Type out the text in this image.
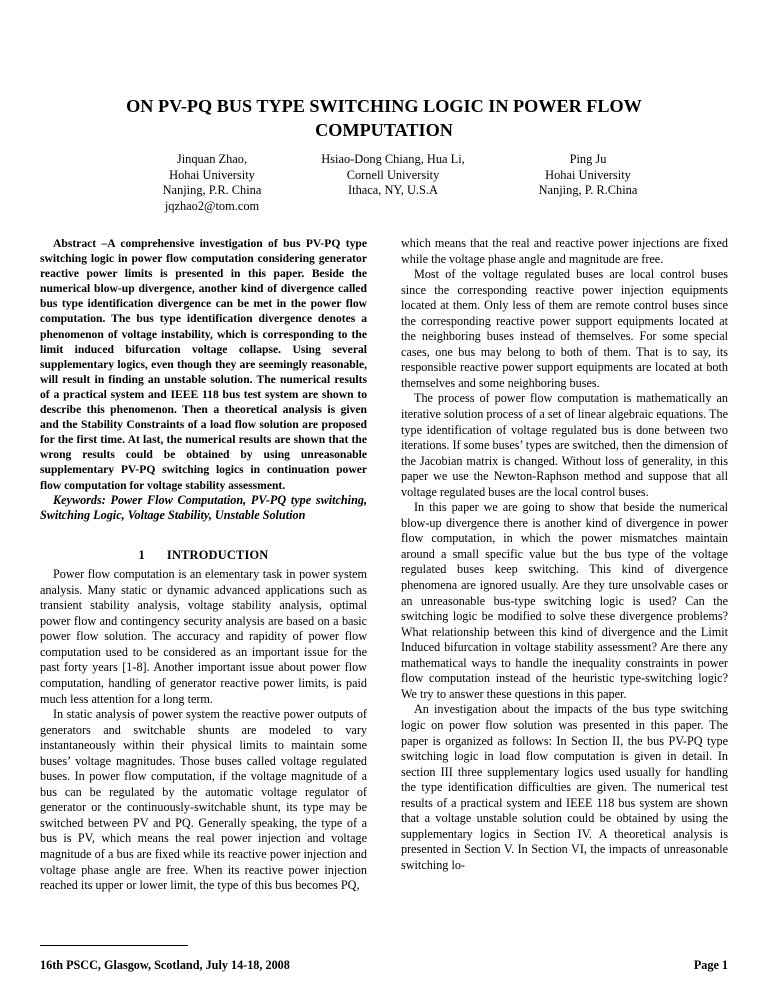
ON PV-PQ BUS TYPE SWITCHING LOGIC IN POWER FLOW
COMPUTATION
Jinquan Zhao,
Hohai University
Nanjing, P.R. China
jqzhao2@tom.com
Hsiao-Dong Chiang, Hua Li,
Cornell University
Ithaca, NY, U.S.A
Ping Ju
Hohai University
Nanjing, P. R.China

Abstract –A comprehensive investigation of bus PV-PQ type switching logic in power flow computation considering generator reactive power limits is presented in this paper. Beside the numerical blow-up divergence, another kind of divergence called bus type identification divergence can be met in the power flow computation. The bus type identification divergence denotes a phenomenon of voltage instability, which is corresponding to the limit induced bifurcation voltage collapse. Using several supplementary logics, even though they are seemingly reasonable, will result in finding an unstable solution. The numerical results of a practical system and IEEE 118 bus test system are shown to describe this phenomenon. Then a theoretical analysis is given and the Stability Constraints of a load flow solution are proposed for the first time. At last, the numerical results are shown that the wrong results could be obtained by using unreasonable supplementary PV-PQ switching logics in continuation power flow computation for voltage stability assessment.

Keywords: Power Flow Computation, PV-PQ type switching, Switching Logic, Voltage Stability, Unstable Solution

1 INTRODUCTION

Power flow computation is an elementary task in power system analysis. Many static or dynamic advanced applications such as transient stability analysis, voltage stability analysis, optimal power flow and contingency security analysis are based on a basic power flow solution. The accuracy and rapidity of power flow computation used to be considered as an important issue for the past forty years [1-8]. Another important issue about power flow computation, handling of generator reactive power limits, is paid much less attention for a long term.

In static analysis of power system the reactive power outputs of generators and switchable shunts are modeled to vary instantaneously within their physical limits to maintain some buses’ voltage magnitudes. Those buses called voltage regulated buses. In power flow computation, if the voltage magnitude of a bus can be regulated by the automatic voltage regulator of generator or the continuously-switchable shunt, its type may be switched between PV and PQ. Generally speaking, the type of a bus is PV, which means the real power injection and voltage magnitude of a bus are fixed while its reactive power injection and voltage phase angle are free. When its reactive power injection reached its upper or lower limit, the type of this bus becomes PQ,

which means that the real and reactive power injections are fixed while the voltage phase angle and magnitude are free.

Most of the voltage regulated buses are local control buses since the corresponding reactive power injection equipments located at them. Only less of them are remote control buses since the corresponding reactive power support equipments located at the neighboring buses instead of themselves. For some special cases, one bus may belong to both of them. That is to say, its responsible reactive power support equipments are located at both themselves and some neighboring buses.

The process of power flow computation is mathematically an iterative solution process of a set of linear algebraic equations. The type identification of voltage regulated bus is done between two iterations. If some buses’ types are switched, then the dimension of the Jacobian matrix is changed. Without loss of generality, in this paper we use the Newton-Raphson method and suppose that all voltage regulated buses are the local control buses.

In this paper we are going to show that beside the numerical blow-up divergence there is another kind of divergence in power flow computation, in which the power mismatches maintain around a small specific value but the bus type of the voltage regulated buses keep switching. This kind of divergence phenomena are ignored usually. Are they ture unsolvable cases or an unreasonable bus-type switching logic is used? Can the switching logic be modified to solve these divergence problems? What relationship between this kind of divergence and the Limit Induced bifurcation in voltage stability assessment? Are there any mathematical ways to handle the inequality constraints in power flow computation instead of the heuristic type-switching logic? We try to answer these questions in this paper.

An investigation about the impacts of the bus type switching logic on power flow solution was presented in this paper. The paper is organized as follows: In Section II, the bus PV-PQ type switching logic in load flow computation is given in detail. In section III three supplementary logics used usually for handling the type identification difficulties are given. The numerical test results of a practical system and IEEE 118 bus system are shown that a voltage unstable solution could be obtained by using the supplementary logics in Section IV. A theoretical analysis is presented in Section V. In Section VI, the impacts of unreasonable switching lo-

16th PSCC, Glasgow, Scotland, July 14-18, 2008	Page 1
